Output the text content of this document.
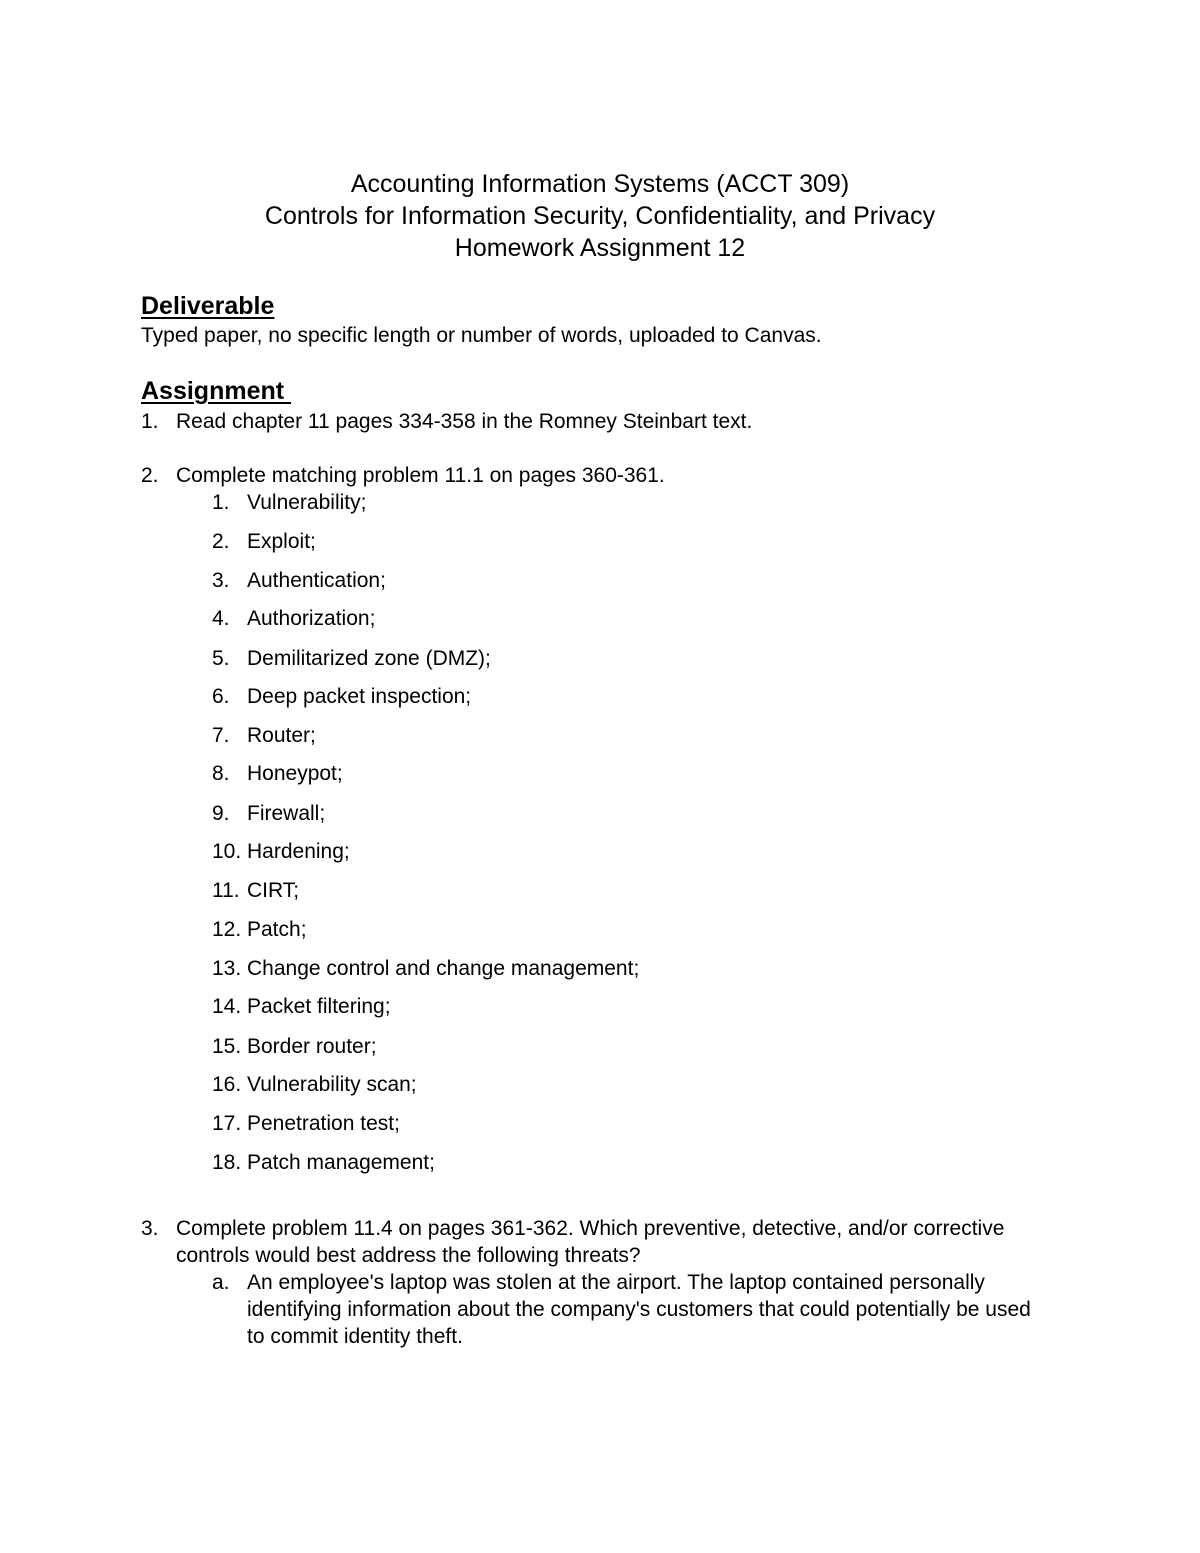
Accounting Information Systems (ACCT 309)
Controls for Information Security, Confidentiality, and Privacy
Homework Assignment 12
Deliverable
Typed paper, no specific length or number of words, uploaded to Canvas.
Assignment
1. Read chapter 11 pages 334-358 in the Romney Steinbart text.
2. Complete matching problem 11.1 on pages 360-361.
1. Vulnerability;
2. Exploit;
3. Authentication;
4. Authorization;
5. Demilitarized zone (DMZ);
6. Deep packet inspection;
7. Router;
8. Honeypot;
9. Firewall;
10. Hardening;
11. CIRT;
12. Patch;
13. Change control and change management;
14. Packet filtering;
15. Border router;
16. Vulnerability scan;
17. Penetration test;
18. Patch management;
3. Complete problem 11.4 on pages 361-362. Which preventive, detective, and/or corrective controls would best address the following threats?
a. An employee's laptop was stolen at the airport. The laptop contained personally identifying information about the company's customers that could potentially be used to commit identity theft.
